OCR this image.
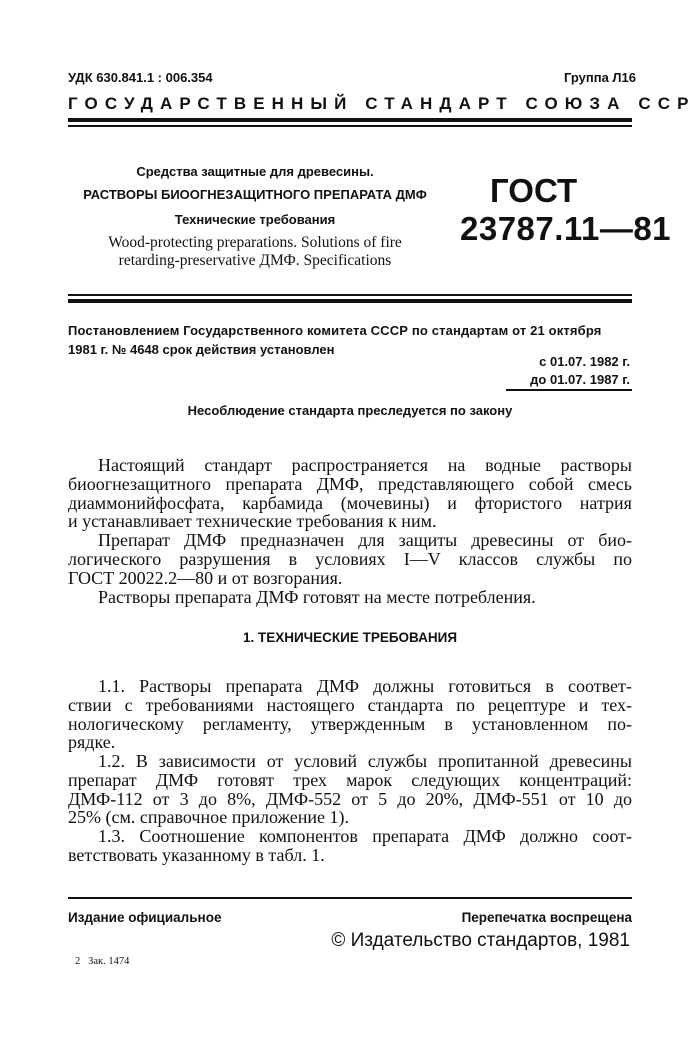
УДК 630.841.1 : 006.354	Группа Л16
ГОСУДАРСТВЕННЫЙ СТАНДАРТ СОЮЗА ССР
Средства защитные для древесины.
РАСТВОРЫ БИООГНЕЗАЩИТНОГО ПРЕПАРАТА ДМФ
Технические требования
Wood-protecting preparations. Solutions of fire
retarding-preservative ДМФ. Specifications
ГОСТ
23787.11—81
Постановлением Государственного комитета СССР по стандартам от 21 октября
1981 г. № 4648 срок действия установлен
с 01.07. 1982 г.
до 01.07. 1987 г.
Несоблюдение стандарта преследуется по закону
Настоящий стандарт распространяется на водные растворы
биоогнезащитного препарата ДМФ, представляющего собой смесь
диаммонийфосфата, карбамида (мочевины) и фтористого натрия
и устанавливает технические требования к ним.
Препарат ДМФ предназначен для защиты древесины от био-
логического разрушения в условиях I—V классов службы по
ГОСТ 20022.2—80 и от возгорания.
Растворы препарата ДМФ готовят на месте потребления.
1. ТЕХНИЧЕСКИЕ ТРЕБОВАНИЯ
1.1. Растворы препарата ДМФ должны готовиться в соответ-
ствии с требованиями настоящего стандарта по рецептуре и тех-
нологическому регламенту, утвержденным в установленном по-
рядке.
1.2. В зависимости от условий службы пропитанной древесины
препарат ДМФ готовят трех марок следующих концентраций:
ДМФ-112 от 3 до 8%, ДМФ-552 от 5 до 20%, ДМФ-551 от 10 до
25% (см. справочное приложение 1).
1.3. Соотношение компонентов препарата ДМФ должно соот-
ветствовать указанному в табл. 1.
Издание официальное	Перепечатка воспрещена
© Издательство стандартов, 1981
2   Зак. 1474
